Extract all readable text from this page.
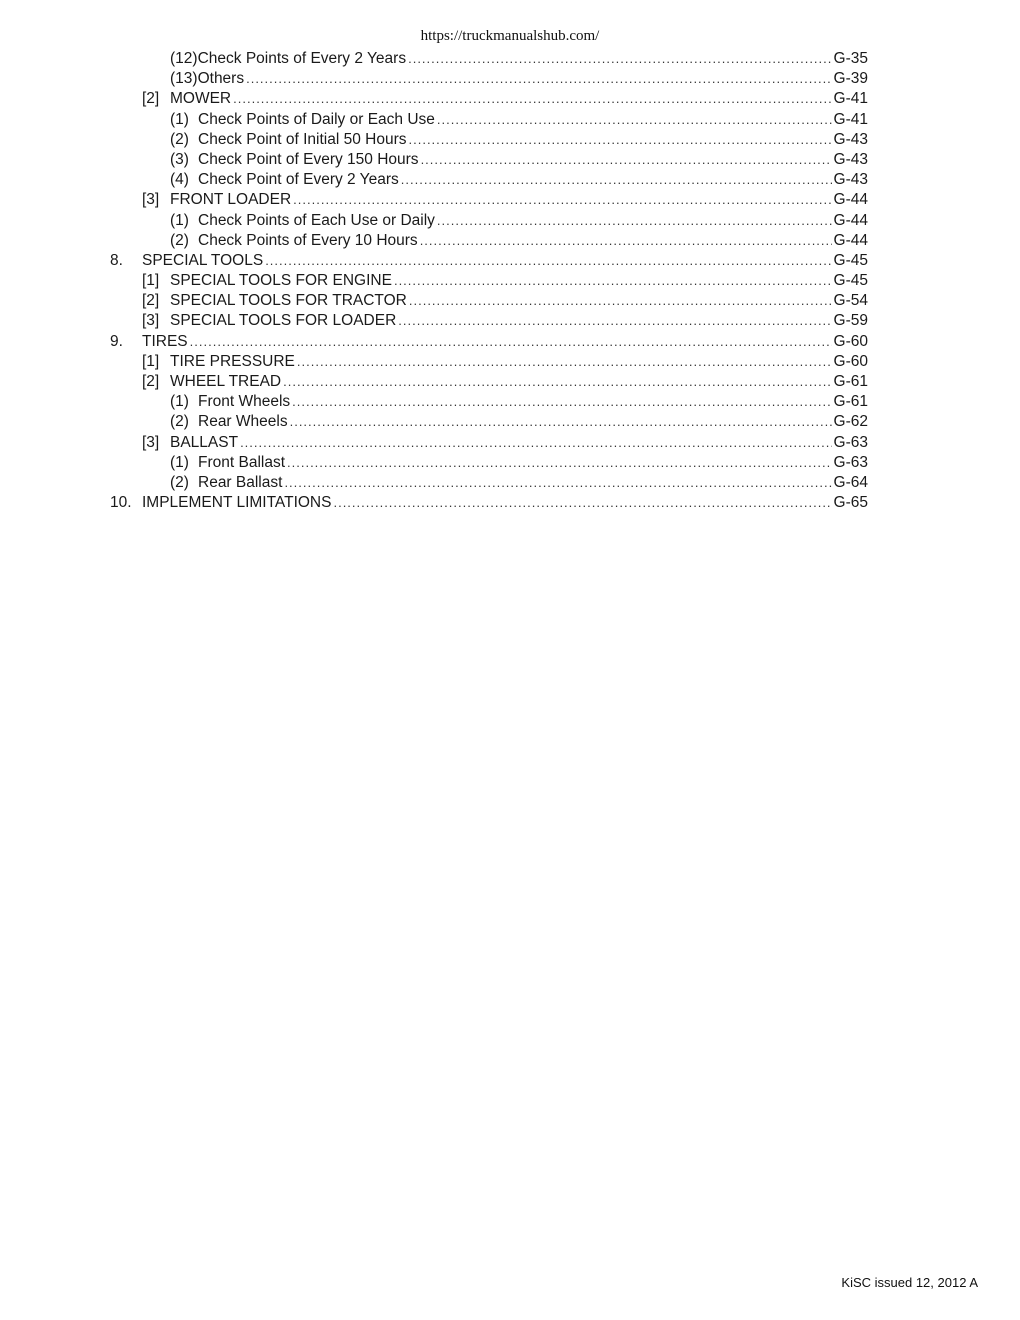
https://truckmanualshub.com/
(12) Check Points of Every 2 Years .....	G-35
(13) Others .....	G-39
[2] MOWER .....	G-41
(1) Check Points of Daily or Each Use .....	G-41
(2) Check Point of Initial 50 Hours .....	G-43
(3) Check Point of Every 150 Hours .....	G-43
(4) Check Point of Every 2 Years .....	G-43
[3] FRONT LOADER .....	G-44
(1) Check Points of Each Use or Daily .....	G-44
(2) Check Points of Every 10 Hours .....	G-44
8.	SPECIAL TOOLS .....	G-45
[1] SPECIAL TOOLS FOR ENGINE .....	G-45
[2] SPECIAL TOOLS FOR TRACTOR .....	G-54
[3] SPECIAL TOOLS FOR LOADER .....	G-59
9.	TIRES .....	G-60
[1] TIRE PRESSURE .....	G-60
[2] WHEEL TREAD .....	G-61
(1) Front Wheels .....	G-61
(2) Rear Wheels .....	G-62
[3] BALLAST .....	G-63
(1) Front Ballast .....	G-63
(2) Rear Ballast .....	G-64
10. IMPLEMENT LIMITATIONS .....	G-65
KiSC issued 12, 2012 A
